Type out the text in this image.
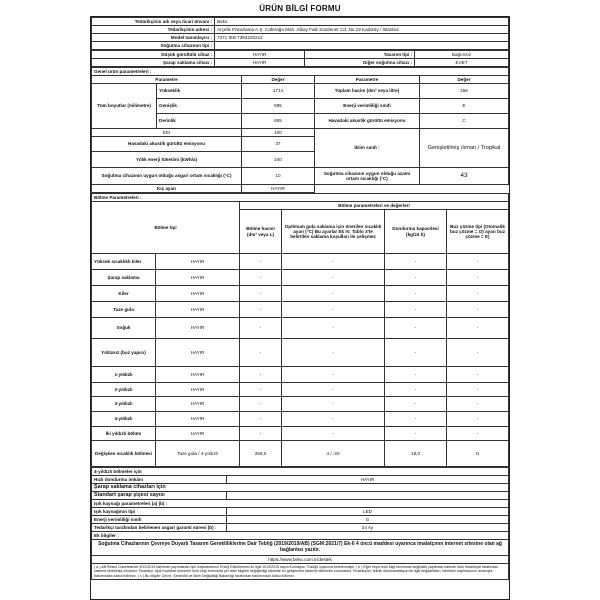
ÜRÜN BİLGİ FORMU
Tedarikçinin adı veya ticari ünvanı :	Beko
Tedarikçinin adresi :	Arçelik Pazarlama A.Ş. Caferağa Mah. Albay Faik Sözdener Cd. No:19 Kadıköy / İstanbul
Model tanımlayıcı :	7371 IEB 7394220212
Soğutma cihazının tipi :	
Düşük gürültülü cihaz :	HAYIR	Tasarım tipi :	Bağımsız
Şarap saklama cihazı :	HAYIR	Diğer soğutma cihazı :	EVET
Genel ürün parametreleri :				
Parametre		Değer	Parametre	Değer
Tüm boyutlar (milimetre)	Yükseklik	1714	Toplam hacim (dm³ veya litre)	256
	Genişlik	595	Enerji verimliliği sınıfı	E
	Derinlik	655	Havadaki akustik gürültü emisyonu	C
EEI		100	İklim sınıfı :	Genişletilmiş ılıman / Tropikal
Havadaki akustik gürültü emisyonu		37		
Yıllık enerji tüketimi (kWh/a)		240		
Soğutma cihazının uygun olduğu asgari ortam sıcaklığı (°C)		10	Soğutma cihazının uygun olduğu azami ortam sıcaklığı (°C)	43
Kış ayarı		HAYIR		
Bölme Parametreleri :					
Bölme tipi		Bölme parametreleri ve değerleri			
		Bölme hacmi (dm³ veya L)	Optimum gıda saklama için önerilen sıcaklık ayarı (°C) Bu ayarlar Ek IV, Tablo 3'te belirtilen saklama koşulları ile çelişmez	Dondurma kapasitesi (kg/24 h)	Buz çözme tipi (Otomatik buz çözme = O) ayarı buz çözme = E)
Yüksek sıcaklıklı kiler	HAYIR	-	-	-	-
Şarap saklama	HAYIR	-	-	-	-
Kiler	HAYIR	-	-	-	-
Taze gıda	HAYIR	-	-	-	-
Soğuk	HAYIR	-	-	-	-
Yıldızsız (buz yapıcı)	HAYIR	-	-	-	-
1-yıldızlı	HAYIR	-	-	-	-
2-yıldızlı	HAYIR	-	-	-	-
3-yıldızlı	HAYIR	-	-	-	-
4-yıldızlı	HAYIR	-	-	-	-
İki yıldızlı bölüm	HAYIR	-	-	-	-
Değişken sıcaklık bölmesi	Taze gıda / 4-yıldızlı	256,0	4 / -20	18,0	O
4-yıldızlı bölmeler için	
Hızlı dondurma imkânı	HAYIR
Şarap saklama cihazları için	
Standart şarap şişesi sayısı	
Işık kaynağı parametreleri (a) (b) :	
Işık kaynağının tipi	LED
Enerji verimliliği sınıfı	G
Tedarikçi tarafından belirlenen asgari garanti süresi (b) :	24 Ay
Ek bilgiler :	
Soğutma Cihazlarının Çevreye Duyarlı Tasarım Gerekliliklerine Dair Tebliğ (2019/2019/AB) (SGM:2021/7) Ek-II 4 üncü maddesi uyarınca imalatçının internet sitesine olan ağ bağlantısı yazılır.	
https://www.beko.com.tr/destek	
( a ) AB Resmi Gazetesinde 5/12/2019 tarihinde yayımlanan Işık Kaynaklarının Enerji Etiketlemesi ile ilgili 2019/2015 sayılı Komisyon Tüzüğü uyarınca belirlenmiştir. ( b ) Eğer veya ürün bilgi formunda değişiklik yapılması halinde ürün tedarikçisi tarafından sisteme bildirilmiş olmalıdır. Tedarikçi, aşık modelde ürünlerin ürün bilgi formunda yer alan bilgileri değiştirdiği takdirde bu gelişmeleri sisteme bildirmek zorundadır. Tedarikçiler, teknik dokümantasyon ile ilgili değişiklikleri, belirtilen sayılmasının amacıyla bakımından kabul edilmez. ( c ) Bu bilgiler Çevre, Şehircilik ve İklim Değişikliği Bakanlığı tarafından bakımından kabul edilmez.	
